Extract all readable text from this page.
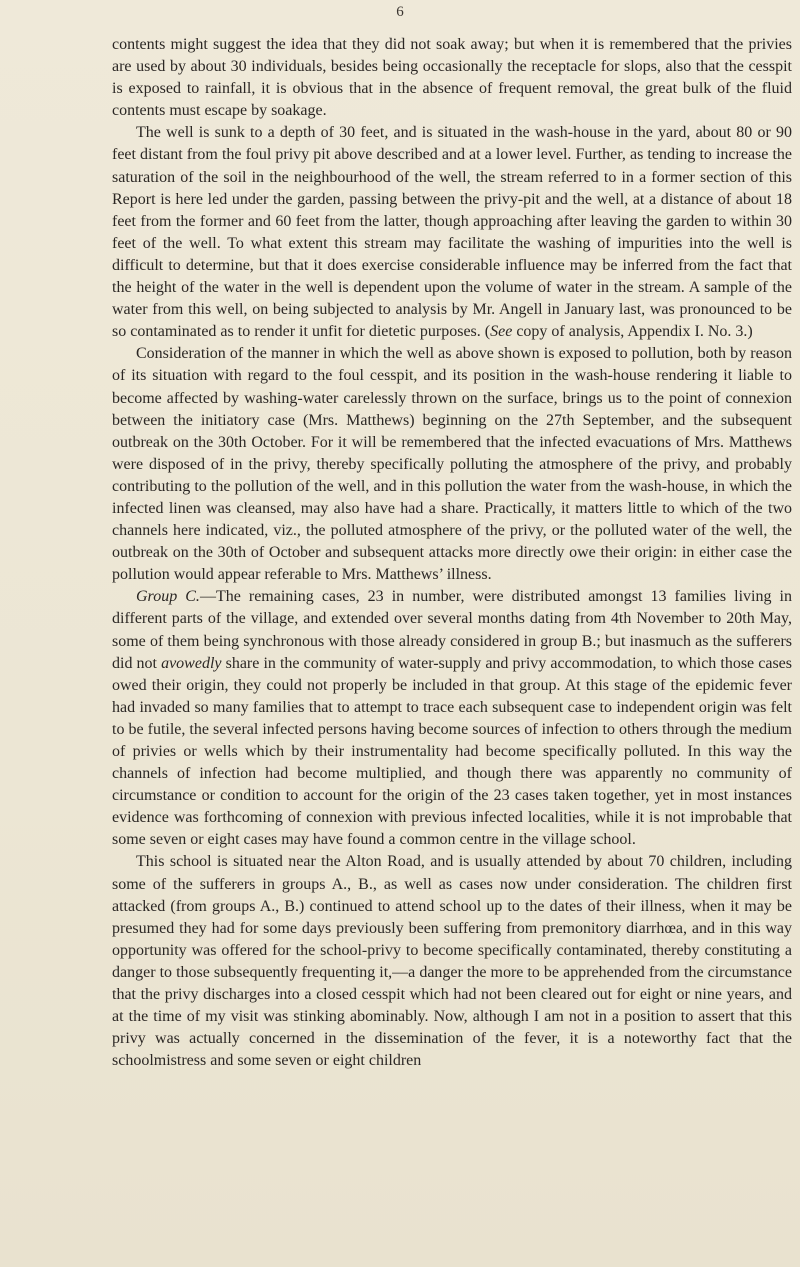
6

contents might suggest the idea that they did not soak away; but when it is remembered that the privies are used by about 30 individuals, besides being occasionally the receptacle for slops, also that the cesspit is exposed to rainfall, it is obvious that in the absence of frequent removal, the great bulk of the fluid contents must escape by soakage.

The well is sunk to a depth of 30 feet, and is situated in the wash-house in the yard, about 80 or 90 feet distant from the foul privy pit above described and at a lower level. Further, as tending to increase the saturation of the soil in the neighbourhood of the well, the stream referred to in a former section of this Report is here led under the garden, passing between the privy-pit and the well, at a distance of about 18 feet from the former and 60 feet from the latter, though approaching after leaving the garden to within 30 feet of the well. To what extent this stream may facilitate the washing of impurities into the well is difficult to determine, but that it does exercise considerable influence may be inferred from the fact that the height of the water in the well is dependent upon the volume of water in the stream. A sample of the water from this well, on being subjected to analysis by Mr. Angell in January last, was pronounced to be so contaminated as to render it unfit for dietetic purposes. (See copy of analysis, Appendix I. No. 3.)

Consideration of the manner in which the well as above shown is exposed to pollution, both by reason of its situation with regard to the foul cesspit, and its position in the wash-house rendering it liable to become affected by washing-water carelessly thrown on the surface, brings us to the point of connexion between the initiatory case (Mrs. Matthews) beginning on the 27th September, and the subsequent outbreak on the 30th October. For it will be remembered that the infected evacuations of Mrs. Matthews were disposed of in the privy, thereby specifically polluting the atmosphere of the privy, and probably contributing to the pollution of the well, and in this pollution the water from the wash-house, in which the infected linen was cleansed, may also have had a share. Practically, it matters little to which of the two channels here indicated, viz., the polluted atmosphere of the privy, or the polluted water of the well, the outbreak on the 30th of October and subsequent attacks more directly owe their origin: in either case the pollution would appear referable to Mrs. Matthews’ illness.

Group C.—The remaining cases, 23 in number, were distributed amongst 13 families living in different parts of the village, and extended over several months dating from 4th November to 20th May, some of them being synchronous with those already considered in group B.; but inasmuch as the sufferers did not avowedly share in the community of water-supply and privy accommodation, to which those cases owed their origin, they could not properly be included in that group. At this stage of the epidemic fever had invaded so many families that to attempt to trace each subsequent case to independent origin was felt to be futile, the several infected persons having become sources of infection to others through the medium of privies or wells which by their instrumentality had become specifically polluted. In this way the channels of infection had become multiplied, and though there was apparently no community of circumstance or condition to account for the origin of the 23 cases taken together, yet in most instances evidence was forthcoming of connexion with previous infected localities, while it is not improbable that some seven or eight cases may have found a common centre in the village school.

This school is situated near the Alton Road, and is usually attended by about 70 children, including some of the sufferers in groups A., B., as well as cases now under consideration. The children first attacked (from groups A., B.) continued to attend school up to the dates of their illness, when it may be presumed they had for some days previously been suffering from premonitory diarrhœa, and in this way opportunity was offered for the school-privy to become specifically contaminated, thereby constituting a danger to those subsequently frequenting it,—a danger the more to be apprehended from the circumstance that the privy discharges into a closed cesspit which had not been cleared out for eight or nine years, and at the time of my visit was stinking abominably. Now, although I am not in a position to assert that this privy was actually concerned in the dissemination of the fever, it is a noteworthy fact that the schoolmistress and some seven or eight children
